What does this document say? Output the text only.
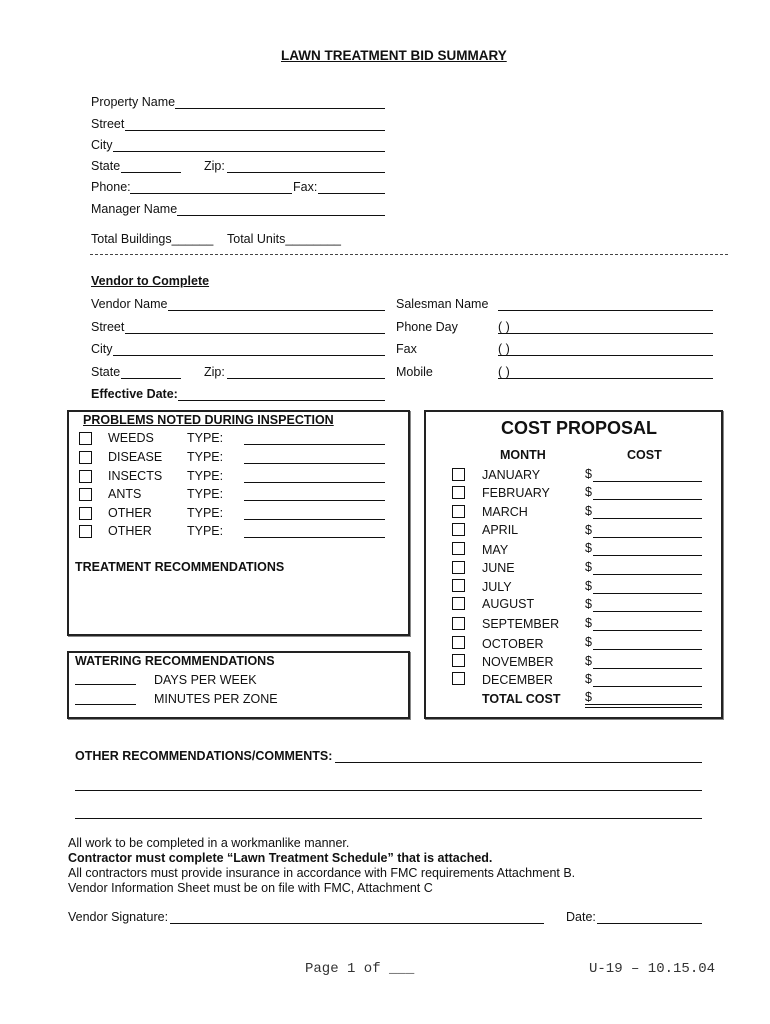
LAWN TREATMENT BID SUMMARY
Property Name
Street
City
State	Zip:
Phone:	Fax:
Manager Name
Total Buildings______ Total Units________
Vendor to Complete
Vendor Name
Street
City
State	Zip:
Effective Date:
Salesman Name
Phone Day	( )
Fax	( )
Mobile	( )
PROBLEMS NOTED DURING INSPECTION
WEEDS	TYPE:
DISEASE TYPE:
INSECTS TYPE:
ANTS	TYPE:
OTHER	TYPE:
OTHER	TYPE:
TREATMENT RECOMMENDATIONS
WATERING RECOMMENDATIONS
DAYS PER WEEK
MINUTES PER ZONE
COST PROPOSAL
MONTH	COST
JANUARY	$
FEBRUARY	$
MARCH	$
APRIL	$
MAY	$
JUNE	$
JULY	$
AUGUST	$
SEPTEMBER $
OCTOBER	$
NOVEMBER	$
DECEMBER	$
TOTAL COST $
OTHER RECOMMENDATIONS/COMMENTS:
All work to be completed in a workmanlike manner.
Contractor must complete “Lawn Treatment Schedule” that is attached.
All contractors must provide insurance in accordance with FMC requirements Attachment B.
Vendor Information Sheet must be on file with FMC, Attachment C
Vendor Signature:	Date:
Page 1 of ___	U-19 – 10.15.04
